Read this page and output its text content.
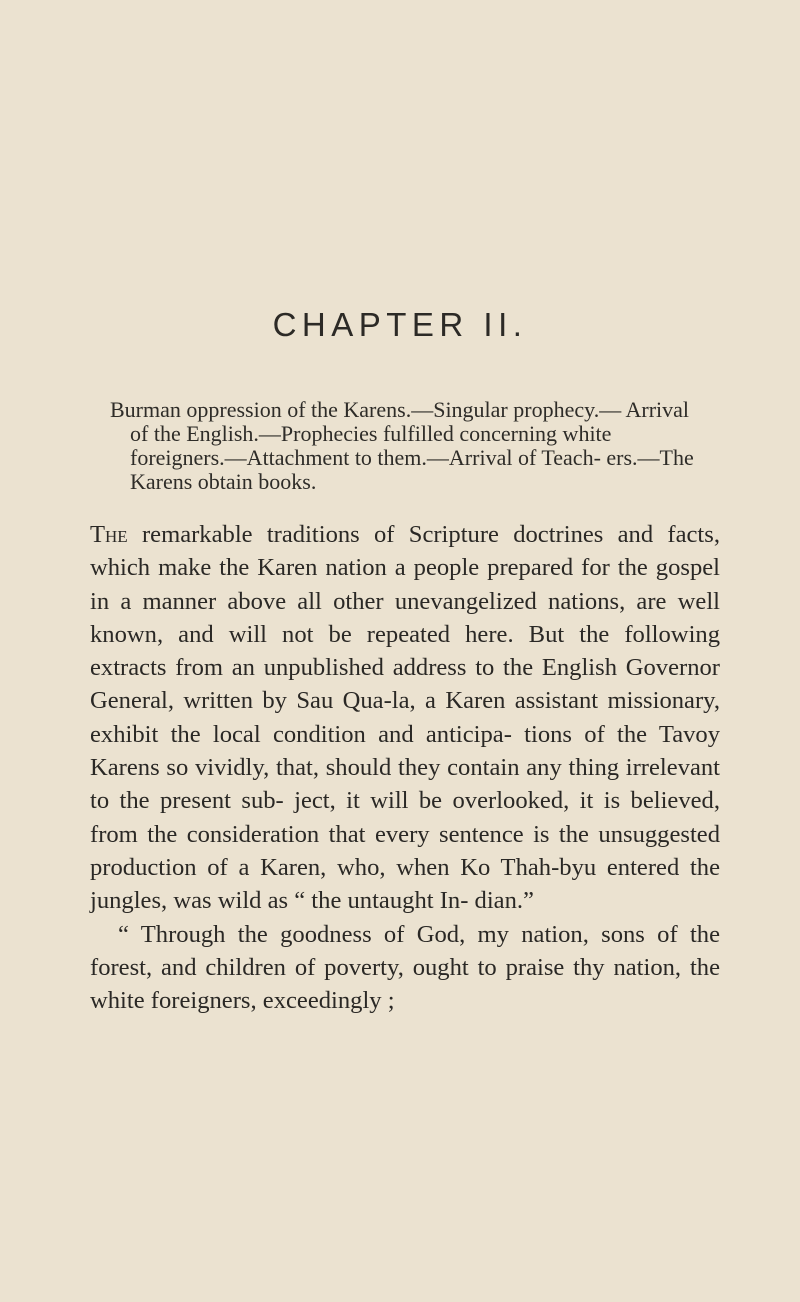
CHAPTER II.
Burman oppression of the Karens.—Singular prophecy.— Arrival of the English.—Prophecies fulfilled concerning white foreigners.—Attachment to them.—Arrival of Teach- ers.—The Karens obtain books.

The remarkable traditions of Scripture doctrines and facts, which make the Karen nation a people prepared for the gospel in a manner above all other unevangelized nations, are well known, and will not be repeated here. But the following extracts from an unpublished address to the English Governor General, written by Sau Qua-la, a Karen assistant missionary, exhibit the local condition and anticipa- tions of the Tavoy Karens so vividly, that, should they contain any thing irrelevant to the present sub- ject, it will be overlooked, it is believed, from the consideration that every sentence is the unsuggested production of a Karen, who, when Ko Thah-byu entered the jungles, was wild as “ the untaught In- dian.”

“ Through the goodness of God, my nation, sons of the forest, and children of poverty, ought to praise thy nation, the white foreigners, exceedingly ;
